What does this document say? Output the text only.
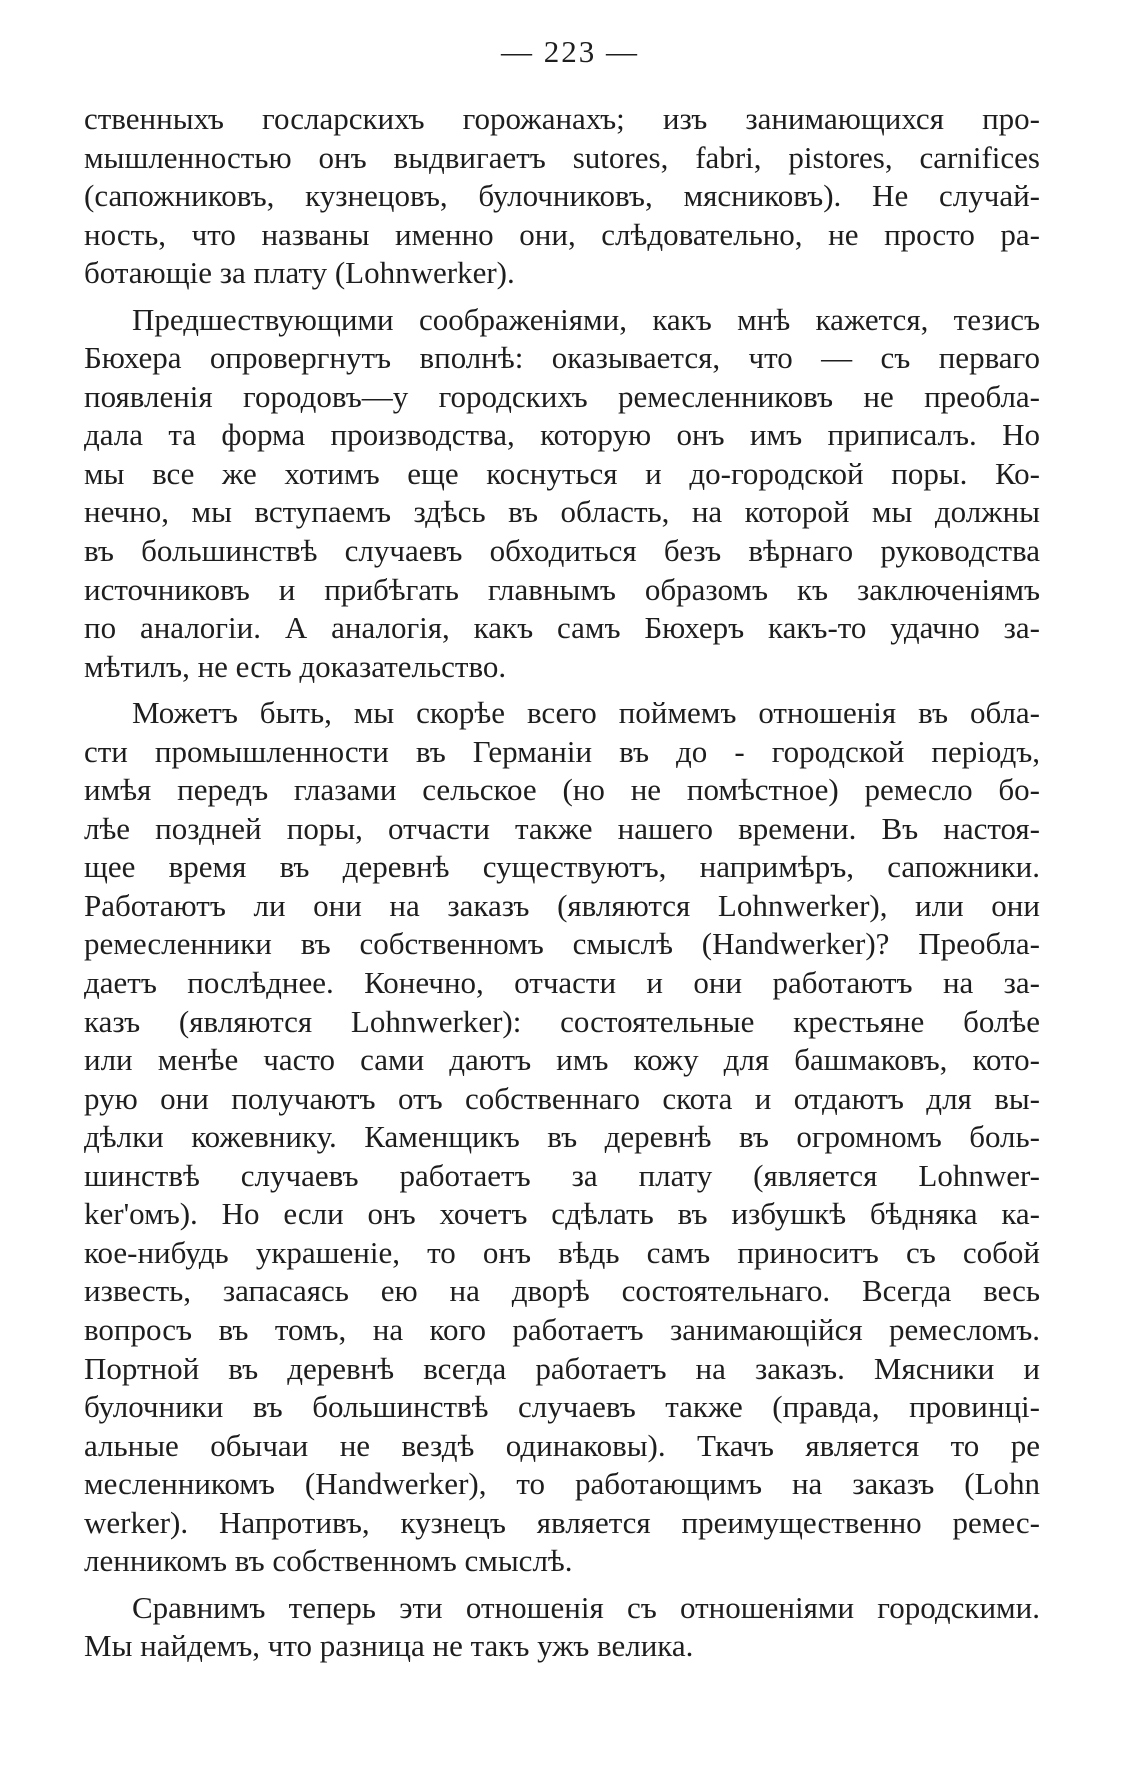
— 223 —
ственныхъ госларскихъ горожанахъ; изъ занимающихся про-
мышленностью онъ выдвигаетъ sutores, fabri, pistores, carnifices
(сапожниковъ, кузнецовъ, булочниковъ, мясниковъ). Не случай-
ность, что названы именно они, слѣдовательно, не просто ра-
ботающіе за плату (Lohnwerker).
Предшествующими соображеніями, какъ мнѣ кажется, тезисъ
Бюхера опровергнутъ вполнѣ: оказывается, что — съ перваго
появленія городовъ—у городскихъ ремесленниковъ не преобла-
дала та форма производства, которую онъ имъ приписалъ. Но
мы все же хотимъ еще коснуться и до-городской поры. Ко-
нечно, мы вступаемъ здѣсь въ область, на которой мы должны
въ большинствѣ случаевъ обходиться безъ вѣрнаго руководства
источниковъ и прибѣгать главнымъ образомъ къ заключеніямъ
по аналогіи. А аналогія, какъ самъ Бюхеръ какъ-то удачно за-
мѣтилъ, не есть доказательство.
Можетъ быть, мы скорѣе всего поймемъ отношенія въ обла-
сти промышленности въ Германіи въ до - городской періодъ,
имѣя передъ глазами сельское (но не помѣстное) ремесло бо-
лѣе поздней поры, отчасти также нашего времени. Въ настоя-
щее время въ деревнѣ существуютъ, напримѣръ, сапожники.
Работаютъ ли они на заказъ (являются Lohnwerker), или они
ремесленники въ собственномъ смыслѣ (Handwerker)? Преобла-
даетъ послѣднее. Конечно, отчасти и они работаютъ на за-
казъ (являются Lohnwerker): состоятельные крестьяне болѣе
или менѣе часто сами даютъ имъ кожу для башмаковъ, кото-
рую они получаютъ отъ собственнаго скота и отдаютъ для вы-
дѣлки кожевнику. Каменщикъ въ деревнѣ въ огромномъ боль-
шинствѣ случаевъ работаетъ за плату (является Lohnwer-
ker'омъ). Но если онъ хочетъ сдѣлать въ избушкѣ бѣдняка ка-
кое-нибудь украшеніе, то онъ вѣдь самъ приноситъ съ собой
известь, запасаясь ею на дворѣ состоятельнаго. Всегда весь
вопросъ въ томъ, на кого работаетъ занимающійся ремесломъ.
Портной въ деревнѣ всегда работаетъ на заказъ. Мясники и
булочники въ большинствѣ случаевъ также (правда, провинці-
альные обычаи не вездѣ одинаковы). Ткачъ является то ре
месленникомъ (Handwerker), то работающимъ на заказъ (Lohn
werker). Напротивъ, кузнецъ является преимущественно ремес-
ленникомъ въ собственномъ смыслѣ.
Сравнимъ теперь эти отношенія съ отношеніями городскими.
Мы найдемъ, что разница не такъ ужъ велика.
